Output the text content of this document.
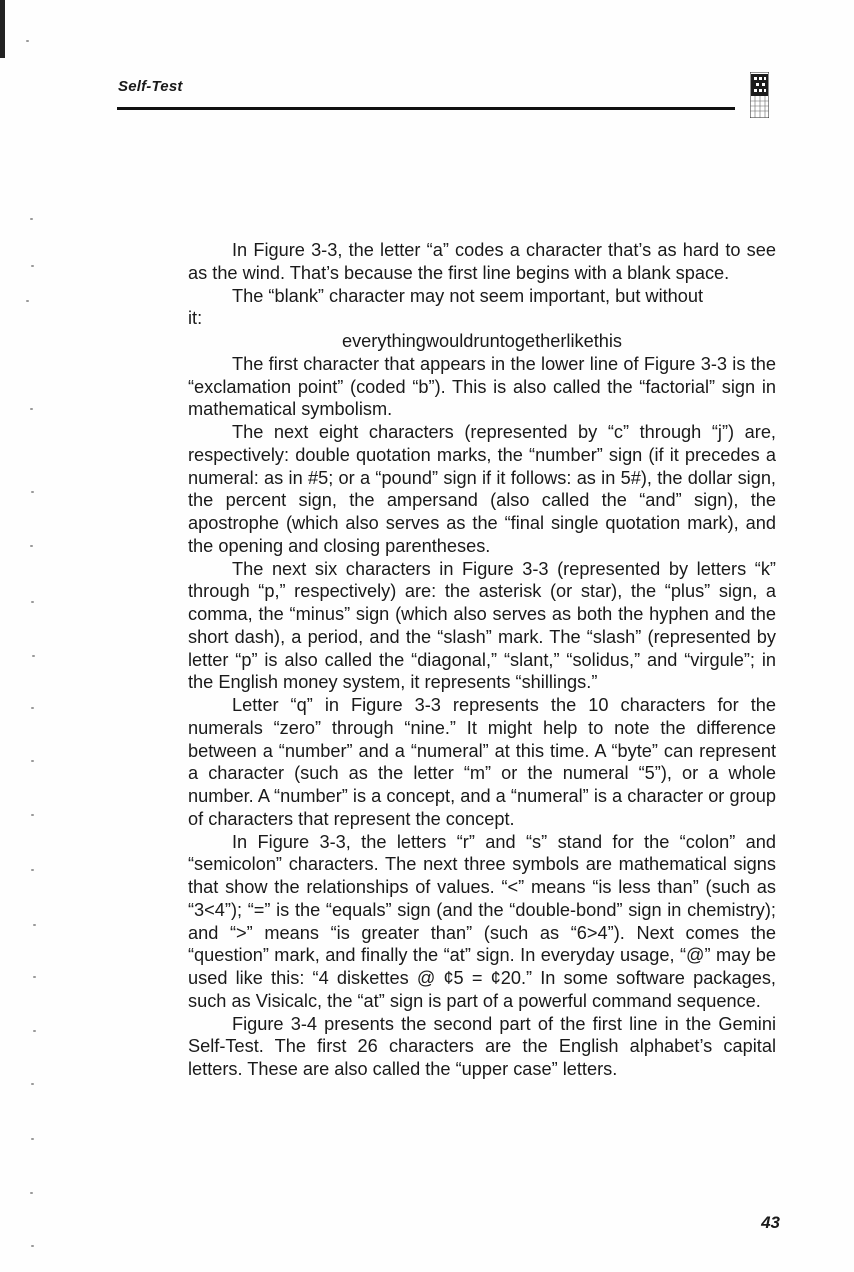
Self-Test

In Figure 3-3, the letter “a” codes a character that’s as hard to see as the wind. That’s because the first line begins with a blank space.

The “blank” character may not seem important, but without

it:

everythingwouldruntogetherlikethis

The first character that appears in the lower line of Figure 3-3 is the “exclamation point” (coded “b”). This is also called the “factorial” sign in mathematical symbolism.

The next eight characters (represented by “c” through “j”) are, respectively: double quotation marks, the “number” sign (if it precedes a numeral: as in #5; or a “pound” sign if it follows: as in 5#), the dollar sign, the percent sign, the ampersand (also called the “and” sign), the apostrophe (which also serves as the “final single quotation mark), and the opening and closing parentheses.

The next six characters in Figure 3-3 (represented by letters “k” through “p,” respectively) are: the asterisk (or star), the “plus” sign, a comma, the “minus” sign (which also serves as both the hyphen and the short dash), a period, and the “slash” mark. The “slash” (represented by letter “p” is also called the “diagonal,” “slant,” “solidus,” and “virgule”; in the English money system, it represents “shillings.”

Letter “q” in Figure 3-3 represents the 10 characters for the numerals “zero” through “nine.” It might help to note the difference between a “number” and a “numeral” at this time. A “byte” can represent a character (such as the letter “m” or the numeral “5”), or a whole number. A “number” is a concept, and a “numeral” is a character or group of characters that represent the concept.

In Figure 3-3, the letters “r” and “s” stand for the “colon” and “semicolon” characters. The next three symbols are mathematical signs that show the relationships of values. “<” means “is less than” (such as “3<4”); “=” is the “equals” sign (and the “double-bond” sign in chemistry); and “>” means “is greater than” (such as “6>4”). Next comes the “question” mark, and finally the “at” sign. In everyday usage, “@” may be used like this: “4 diskettes @ ¢5 = ¢20.” In some software packages, such as Visicalc, the “at” sign is part of a powerful command sequence.

Figure 3-4 presents the second part of the first line in the Gemini Self-Test. The first 26 characters are the English alphabet’s capital letters. These are also called the “upper case” letters.

43
